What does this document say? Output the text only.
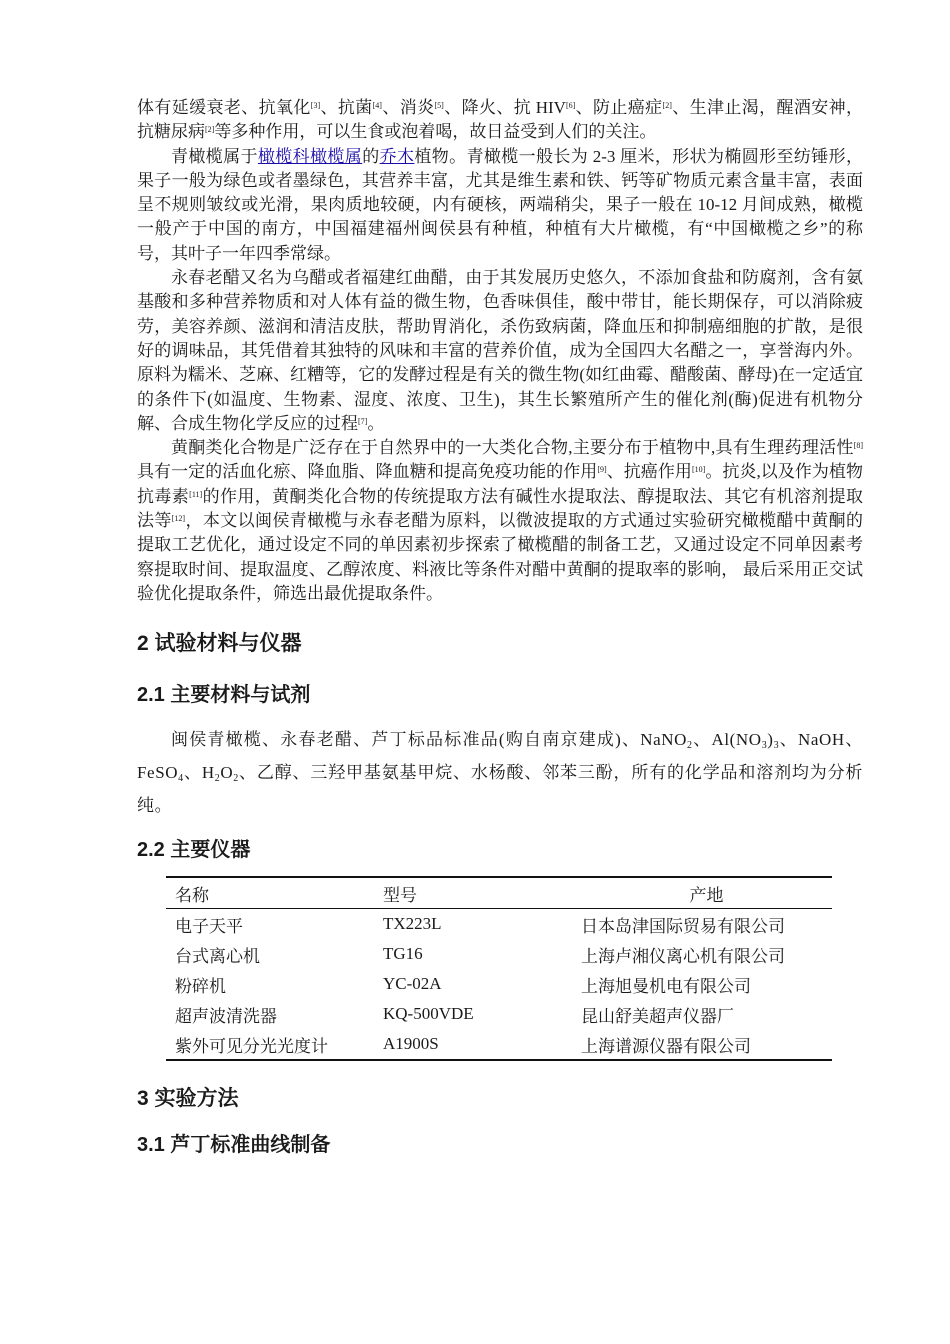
体有延缓衰老、抗氧化[3]、抗菌[4]、消炎[5]、降火、抗 HIV[6]、防止癌症[2]、生津止渴，醒酒安神，抗糖尿病[2]等多种作用，可以生食或泡着喝，故日益受到人们的关注。

青橄榄属于橄榄科橄榄属的乔木植物。青橄榄一般长为 2-3 厘米，形状为椭圆形至纺锤形，果子一般为绿色或者墨绿色，其营养丰富，尤其是维生素和铁、钙等矿物质元素含量丰富，表面呈不规则皱纹或光滑，果肉质地较硬，内有硬核，两端稍尖，果子一般在 10-12 月间成熟，橄榄一般产于中国的南方，中国福建福州闽侯县有种植，种植有大片橄榄，有“中国橄榄之乡”的称号，其叶子一年四季常绿。

永春老醋又名为乌醋或者福建红曲醋，由于其发展历史悠久，不添加食盐和防腐剂，含有氨基酸和多种营养物质和对人体有益的微生物，色香味俱佳，酸中带甘，能长期保存，可以消除疲劳，美容养颜、滋润和清洁皮肤，帮助胃消化，杀伤致病菌，降血压和抑制癌细胞的扩散，是很好的调味品，其凭借着其独特的风味和丰富的营养价值，成为全国四大名醋之一，享誉海内外。原料为糯米、芝麻、红糟等，它的发酵过程是有关的微生物(如红曲霉、醋酸菌、酵母)在一定适宜的条件下(如温度、生物素、湿度、浓度、卫生)，其生长繁殖所产生的催化剂(酶)促进有机物分解、合成生物化学反应的过程[7]。

黄酮类化合物是广泛存在于自然界中的一大类化合物,主要分布于植物中,具有生理药理活性[8] 具有一定的活血化瘀、降血脂、降血糖和提高免疫功能的作用[9]、抗癌作用[10]。抗炎,以及作为植物抗毒素[11]的作用，黄酮类化合物的传统提取方法有碱性水提取法、醇提取法、其它有机溶剂提取法等[12]，本文以闽侯青橄榄与永春老醋为原料，以微波提取的方式通过实验研究橄榄醋中黄酮的提取工艺优化，通过设定不同的单因素初步探索了橄榄醋的制备工艺，又通过设定不同单因素考察提取时间、提取温度、乙醇浓度、料液比等条件对醋中黄酮的提取率的影响， 最后采用正交试验优化提取条件，筛选出最优提取条件。

2 试验材料与仪器
2.1 主要材料与试剂

闽侯青橄榄、永春老醋、芦丁标品标准品(购自南京建成)、NaNO$_2$、$Al(NO_3)_3$、NaOH、FeSO$_4$、$H_2O_2$、乙醇、三羟甲基氨基甲烷、水杨酸、邻苯三酚，所有的化学品和溶剂均为分析纯。

2.2 主要仪器
名称	型号	产地
电子天平	TX223L	日本岛津国际贸易有限公司
台式离心机	TG16	上海卢湘仪离心机有限公司
粉碎机	YC-02A	上海旭曼机电有限公司
超声波清洗器	KQ-500VDE	昆山舒美超声仪器厂
紫外可见分光光度计	A1900S	上海谱源仪器有限公司
3 实验方法
3.1 芦丁标准曲线制备
